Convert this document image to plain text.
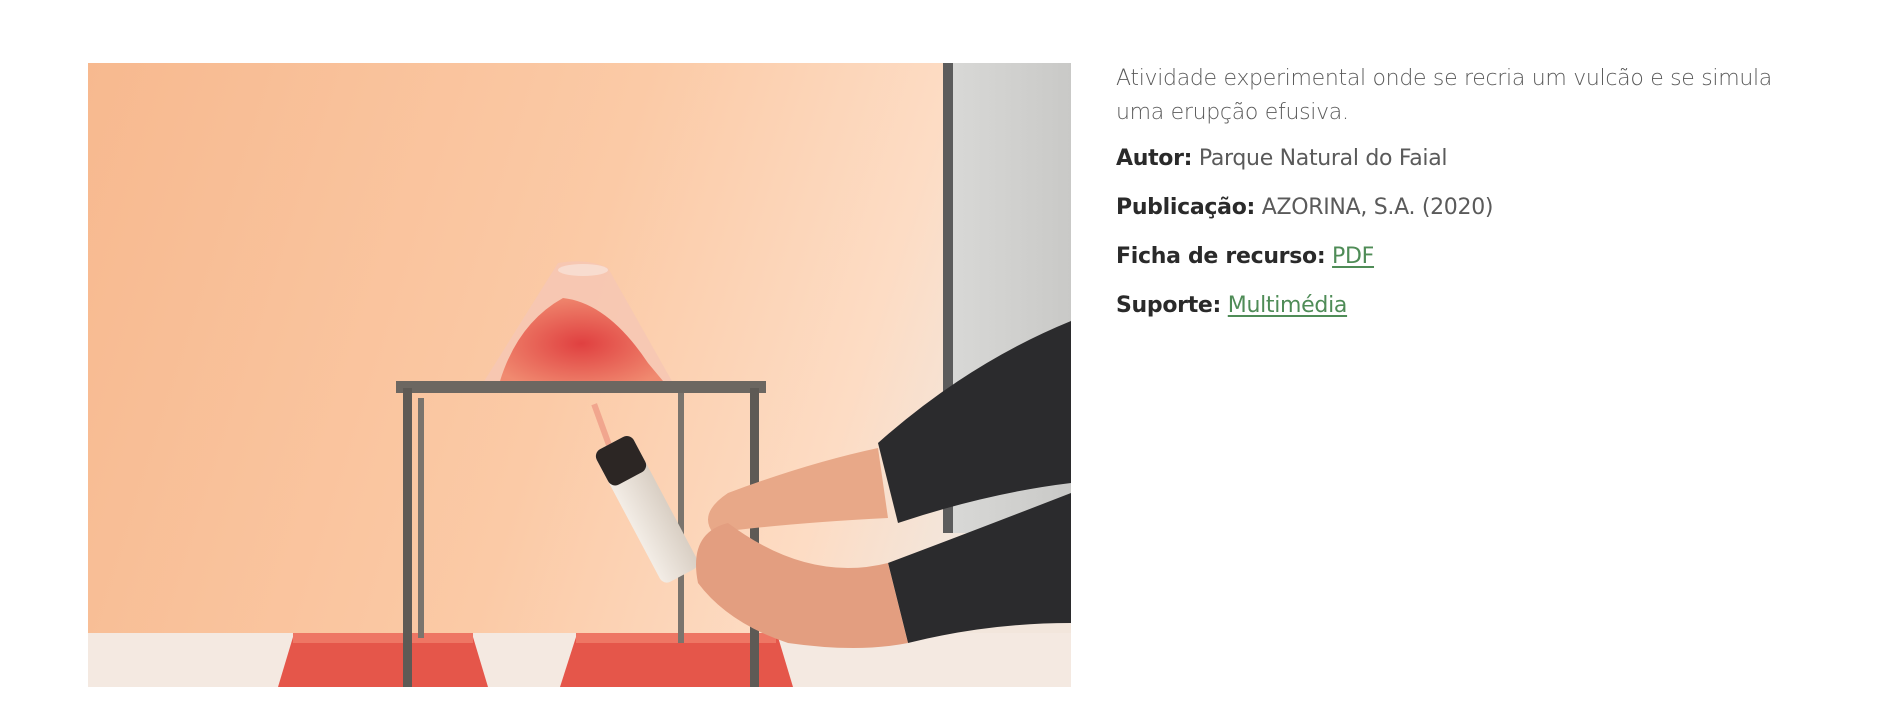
Atividade experimental onde se recria um vulcão e se simula uma erupção efusiva.

Autor: Parque Natural do Faial

Publicação: AZORINA, S.A. (2020)

Ficha de recurso: PDF

Suporte: Multimédia
